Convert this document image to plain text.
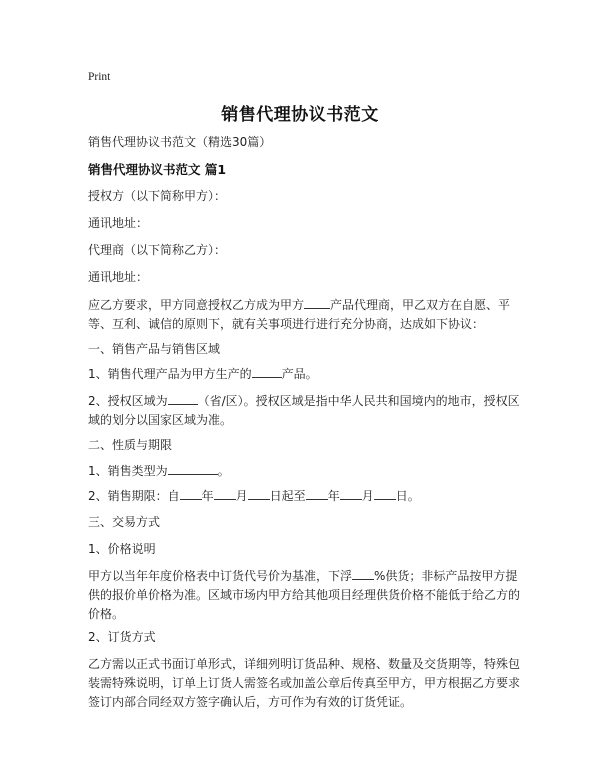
Print
销售代理协议书范文
销售代理协议书范文（精选30篇）
销售代理协议书范文 篇1
授权方（以下简称甲方）：
通讯地址：
代理商（以下简称乙方）：
通讯地址：
应乙方要求，甲方同意授权乙方成为甲方 产品代理商，甲乙双方在自愿、平等、互利、诚信的原则下，就有关事项进行进行充分协商，达成如下协议：
一、销售产品与销售区域
1、销售代理产品为甲方生产的	产品。
2、授权区域为	（省/区）。授权区域是指中华人民共和国境内的地市，授权区域的划分以国家区域为准。
二、性质与期限
1、销售类型为	。
2、销售期限：自 年 月 日起至 年 月 日。
三、交易方式
1、价格说明
甲方以当年年度价格表中订货代号价为基准，下浮 %供货；非标产品按甲方提供的报价单价格为准。区域市场内甲方给其他项目经理供货价格不能低于给乙方的价格。
2、订货方式
乙方需以正式书面订单形式，详细列明订货品种、规格、数量及交货期等，特殊包装需特殊说明，订单上订货人需签名或加盖公章后传真至甲方，甲方根据乙方要求签订内部合同经双方签字确认后，方可作为有效的订货凭证。
